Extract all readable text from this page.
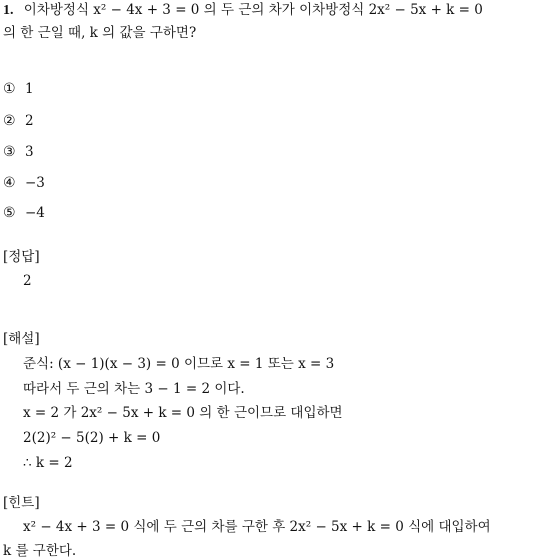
1. 이차방정식 x² − 4x + 3 = 0 의 두 근의 차가 이차방정식 2x² − 5x + k = 0
의 한 근일 때, k 의 값을 구하면?
① 1
② 2
③ 3
④ −3
⑤ −4
[정답]
2
[해설]
준식: (x − 1)(x − 3) = 0 이므로 x = 1 또는 x = 3
따라서 두 근의 차는 3 − 1 = 2 이다.
x = 2 가 2x² − 5x + k = 0 의 한 근이므로 대입하면
2(2)² − 5(2) + k = 0
∴ k = 2
[힌트]
x² − 4x + 3 = 0 식에 두 근의 차를 구한 후 2x² − 5x + k = 0 식에 대입하여
k 를 구한다.
